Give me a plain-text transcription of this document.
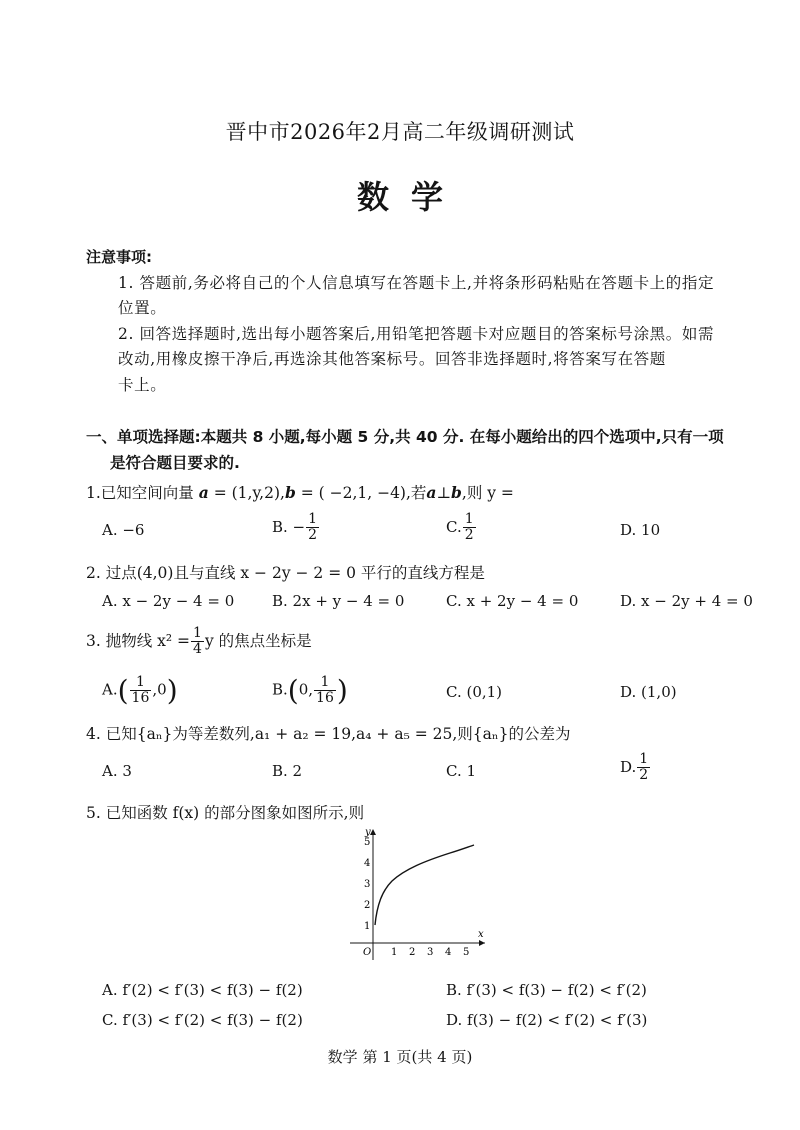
晋中市2026年2月高二年级调研测试
数学
注意事项:
1. 答题前,务必将自己的个人信息填写在答题卡上,并将条形码粘贴在答题卡上的指定
位置。
2. 回答选择题时,选出每小题答案后,用铅笔把答题卡对应题目的答案标号涂黑。如需
改动,用橡皮擦干净后,再选涂其他答案标号。回答非选择题时,将答案写在答题
卡上。
一、单项选择题:本题共 8 小题,每小题 5 分,共 40 分. 在每小题给出的四个选项中,只有一项
是符合题目要求的.
1.已知空间向量 a = (1,y,2),b = ( −2,1, −4),若a⊥b,则 y =
A. −6	B. − $\frac{1}{2}$	C. $\frac{1}{2}$	D. 10
2. 过点(4,0)且与直线 x − 2y − 2 = 0 平行的直线方程是
A. x − 2y − 4 = 0	B. 2x + y − 4 = 0	C. x + 2y − 4 = 0	D. x − 2y + 4 = 0
3. 抛物线 $x^2 = \frac{1}{4}$ y 的焦点坐标是
$A.( \frac{1}{16} ,0)$	B.(0, $\frac{1}{16}$ )	C. (0,1)	D. (1,0)
4. 已知{aₙ}为等差数列,a₁ + a₂ = 19,a₄ + a₅ = 25,则{aₙ}的公差为
A. 3	B. 2	C. 1	D. $\frac{1}{2}$
5. 已知函数 f(x) 的部分图象如图所示,则
y
x
O 1 2 3 4 5
1
2
3
4
5
A. f′(2) < f′(3) < f(3) − f(2)	B. f′(3) < f(3) − f(2) < f′(2)
C. f′(3) < f′(2) < f(3) − f(2)	D. f(3) − f(2) < f′(2) < f′(3)
数学 第 1 页(共 4 页)
